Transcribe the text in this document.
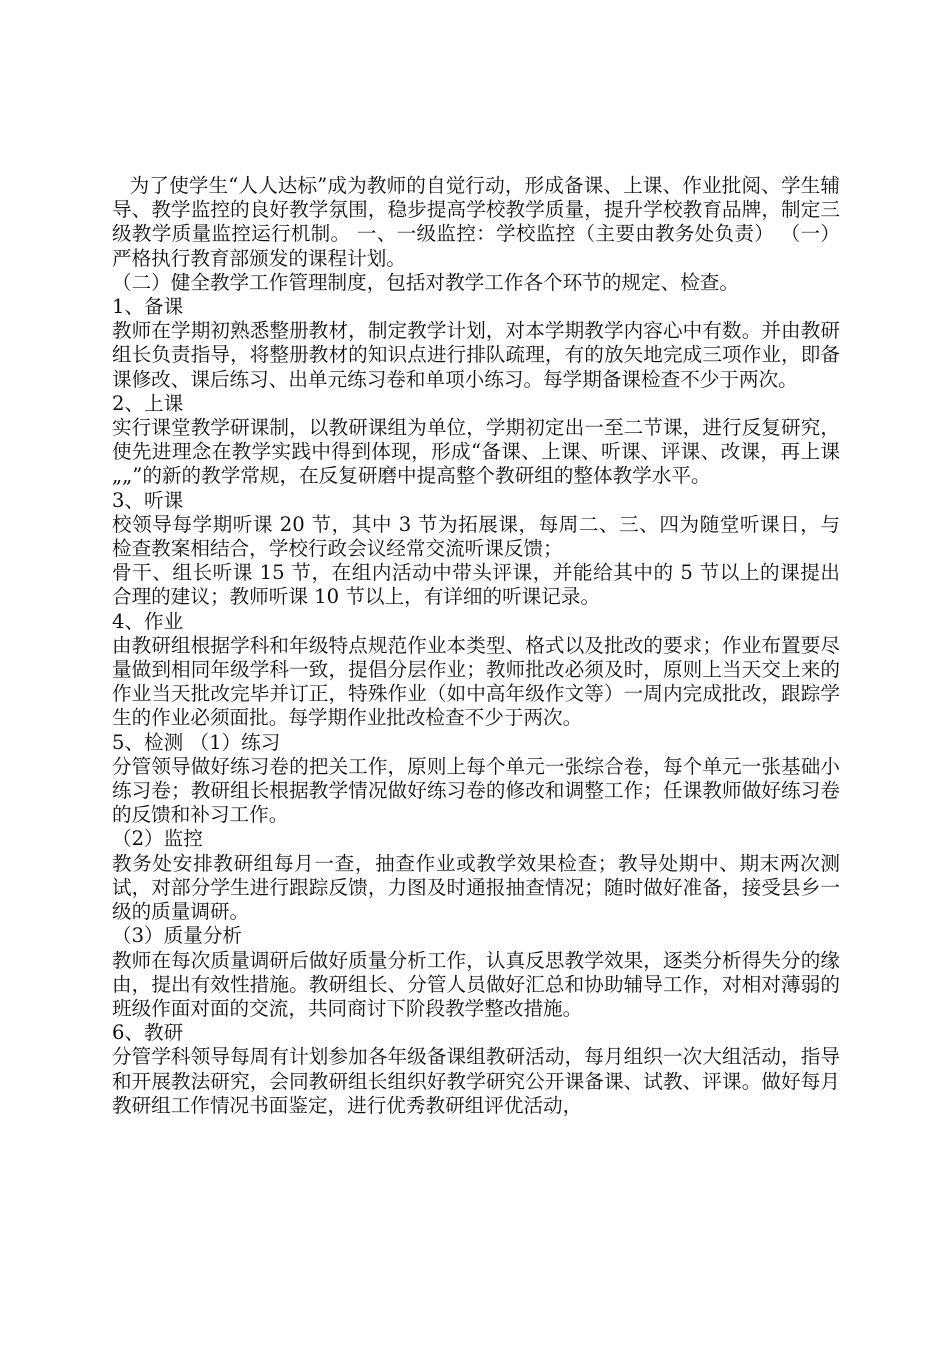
为了使学生“人人达标”成为教师的自觉行动，形成备课、上课、作业批阅、学生辅导、教学监控的良好教学氛围，稳步提高学校教学质量，提升学校教育品牌，制定三级教学质量监控运行机制。 一、一级监控：学校监控（主要由教务处负责） （一）严格执行教育部颁发的课程计划。

（二）健全教学工作管理制度，包括对教学工作各个环节的规定、检查。

1、备课

教师在学期初熟悉整册教材，制定教学计划，对本学期教学内容心中有数。并由教研组长负责指导，将整册教材的知识点进行排队疏理，有的放矢地完成三项作业，即备课修改、课后练习、出单元练习卷和单项小练习。每学期备课检查不少于两次。

2、上课

实行课堂教学研课制，以教研课组为单位，学期初定出一至二节课，进行反复研究，使先进理念在教学实践中得到体现，形成“备课、上课、听课、评课、改课，再上课„„”的新的教学常规，在反复研磨中提高整个教研组的整体教学水平。

3、听课

校领导每学期听课 20 节，其中 3 节为拓展课，每周二、三、四为随堂听课日，与检查教案相结合，学校行政会议经常交流听课反馈；

骨干、组长听课 15 节，在组内活动中带头评课，并能给其中的 5 节以上的课提出合理的建议；教师听课 10 节以上，有详细的听课记录。

4、作业

由教研组根据学科和年级特点规范作业本类型、格式以及批改的要求；作业布置要尽量做到相同年级学科一致，提倡分层作业；教师批改必须及时，原则上当天交上来的作业当天批改完毕并订正，特殊作业（如中高年级作文等）一周内完成批改，跟踪学生的作业必须面批。每学期作业批改检查不少于两次。

5、检测 （1）练习

分管领导做好练习卷的把关工作，原则上每个单元一张综合卷，每个单元一张基础小练习卷；教研组长根据教学情况做好练习卷的修改和调整工作；任课教师做好练习卷的反馈和补习工作。

（2）监控

教务处安排教研组每月一查，抽查作业或教学效果检查；教导处期中、期末两次测试，对部分学生进行跟踪反馈，力图及时通报抽查情况；随时做好准备，接受县乡一级的质量调研。

（3）质量分析

教师在每次质量调研后做好质量分析工作，认真反思教学效果，逐类分析得失分的缘由，提出有效性措施。教研组长、分管人员做好汇总和协助辅导工作，对相对薄弱的班级作面对面的交流，共同商讨下阶段教学整改措施。

6、教研

分管学科领导每周有计划参加各年级备课组教研活动，每月组织一次大组活动，指导和开展教法研究，会同教研组长组织好教学研究公开课备课、试教、评课。做好每月教研组工作情况书面鉴定，进行优秀教研组评优活动，
